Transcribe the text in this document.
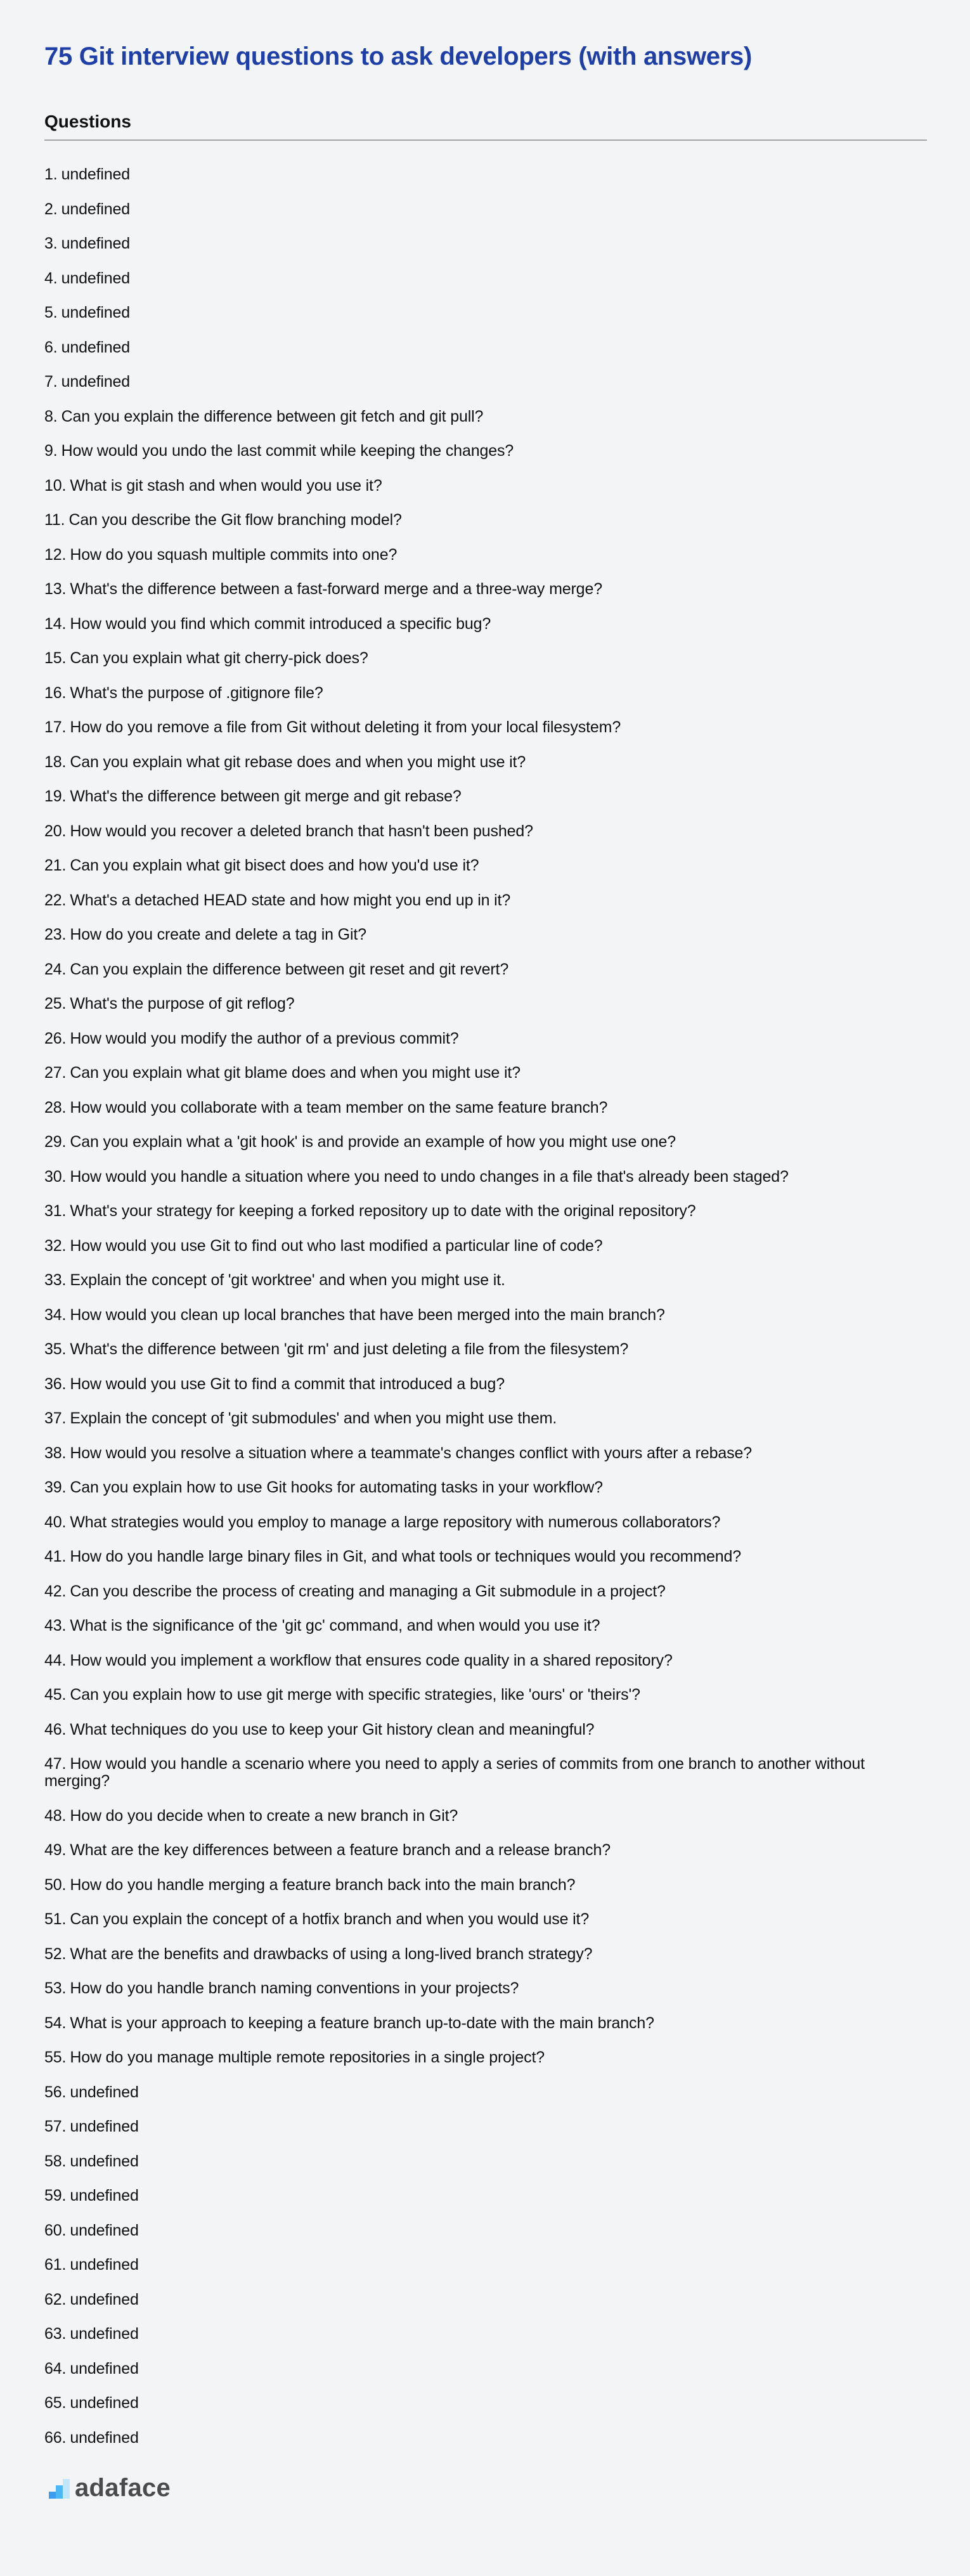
75 Git interview questions to ask developers (with answers)
Questions
1. undefined
2. undefined
3. undefined
4. undefined
5. undefined
6. undefined
7. undefined
8. Can you explain the difference between git fetch and git pull?
9. How would you undo the last commit while keeping the changes?
10. What is git stash and when would you use it?
11. Can you describe the Git flow branching model?
12. How do you squash multiple commits into one?
13. What's the difference between a fast-forward merge and a three-way merge?
14. How would you find which commit introduced a specific bug?
15. Can you explain what git cherry-pick does?
16. What's the purpose of .gitignore file?
17. How do you remove a file from Git without deleting it from your local filesystem?
18. Can you explain what git rebase does and when you might use it?
19. What's the difference between git merge and git rebase?
20. How would you recover a deleted branch that hasn't been pushed?
21. Can you explain what git bisect does and how you'd use it?
22. What's a detached HEAD state and how might you end up in it?
23. How do you create and delete a tag in Git?
24. Can you explain the difference between git reset and git revert?
25. What's the purpose of git reflog?
26. How would you modify the author of a previous commit?
27. Can you explain what git blame does and when you might use it?
28. How would you collaborate with a team member on the same feature branch?
29. Can you explain what a 'git hook' is and provide an example of how you might use one?
30. How would you handle a situation where you need to undo changes in a file that's already been staged?
31. What's your strategy for keeping a forked repository up to date with the original repository?
32. How would you use Git to find out who last modified a particular line of code?
33. Explain the concept of 'git worktree' and when you might use it.
34. How would you clean up local branches that have been merged into the main branch?
35. What's the difference between 'git rm' and just deleting a file from the filesystem?
36. How would you use Git to find a commit that introduced a bug?
37. Explain the concept of 'git submodules' and when you might use them.
38. How would you resolve a situation where a teammate's changes conflict with yours after a rebase?
39. Can you explain how to use Git hooks for automating tasks in your workflow?
40. What strategies would you employ to manage a large repository with numerous collaborators?
41. How do you handle large binary files in Git, and what tools or techniques would you recommend?
42. Can you describe the process of creating and managing a Git submodule in a project?
43. What is the significance of the 'git gc' command, and when would you use it?
44. How would you implement a workflow that ensures code quality in a shared repository?
45. Can you explain how to use git merge with specific strategies, like 'ours' or 'theirs'?
46. What techniques do you use to keep your Git history clean and meaningful?
47. How would you handle a scenario where you need to apply a series of commits from one branch to another without merging?
48. How do you decide when to create a new branch in Git?
49. What are the key differences between a feature branch and a release branch?
50. How do you handle merging a feature branch back into the main branch?
51. Can you explain the concept of a hotfix branch and when you would use it?
52. What are the benefits and drawbacks of using a long-lived branch strategy?
53. How do you handle branch naming conventions in your projects?
54. What is your approach to keeping a feature branch up-to-date with the main branch?
55. How do you manage multiple remote repositories in a single project?
56. undefined
57. undefined
58. undefined
59. undefined
60. undefined
61. undefined
62. undefined
63. undefined
64. undefined
65. undefined
66. undefined
adaface
